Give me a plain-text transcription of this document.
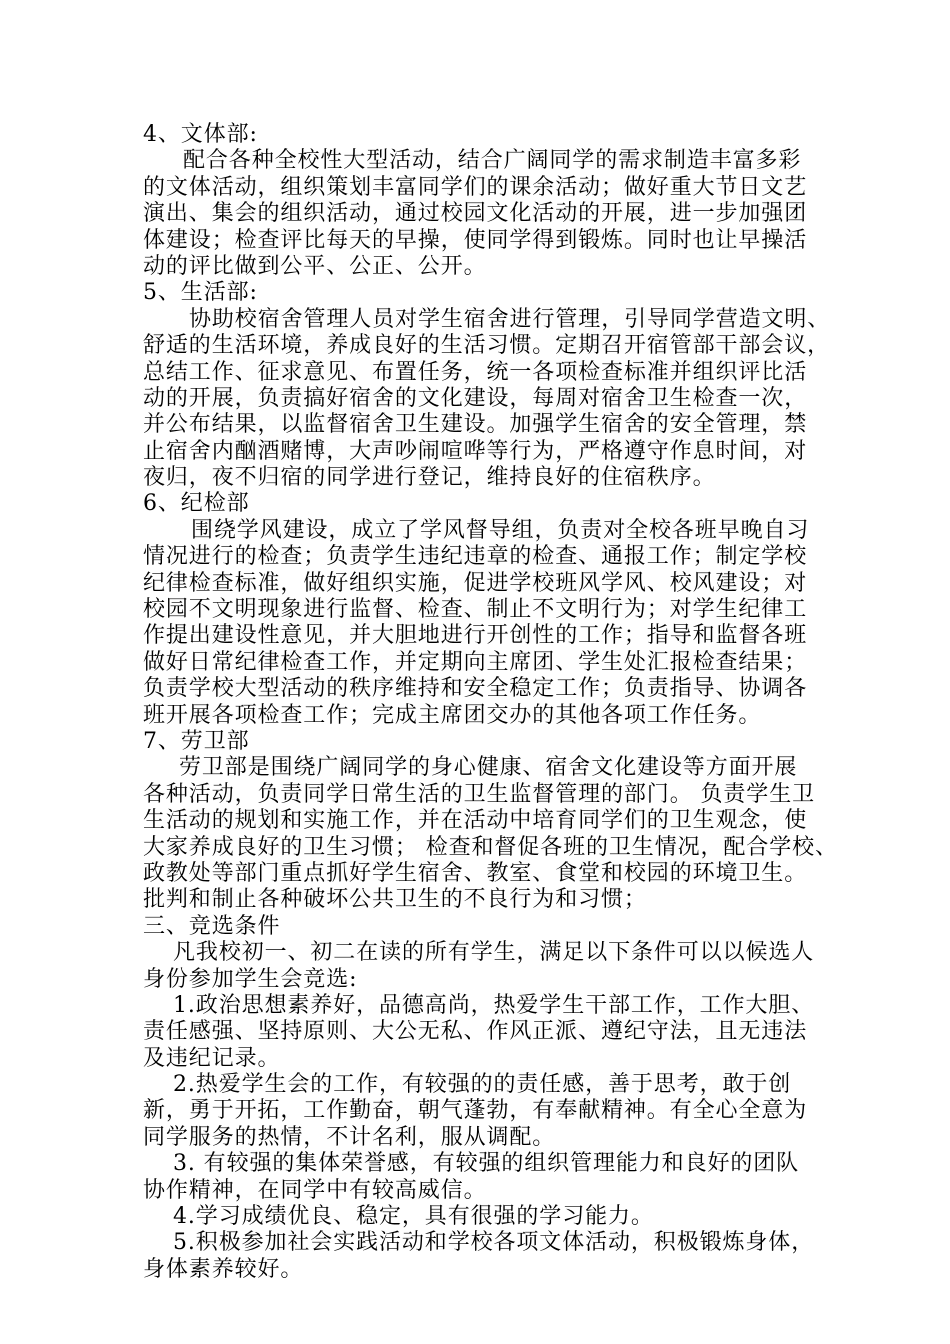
4、文体部:
配合各种全校性大型活动，结合广阔同学的需求制造丰富多彩
的文体活动，组织策划丰富同学们的课余活动；做好重大节日文艺
演出、集会的组织活动，通过校园文化活动的开展，进一步加强团
体建设；检查评比每天的早操，使同学得到锻炼。同时也让早操活
动的评比做到公平、公正、公开。
5、生活部:
协助校宿舍管理人员对学生宿舍进行管理，引导同学营造文明、
舒适的生活环境，养成良好的生活习惯。定期召开宿管部干部会议，
总结工作、征求意见、布置任务，统一各项检查标准并组织评比活
动的开展，负责搞好宿舍的文化建设，每周对宿舍卫生检查一次，
并公布结果，以监督宿舍卫生建设。加强学生宿舍的安全管理，禁
止宿舍内酗酒赌博，大声吵闹喧哗等行为，严格遵守作息时间，对
夜归，夜不归宿的同学进行登记，维持良好的住宿秩序。
6、纪检部
围绕学风建设，成立了学风督导组，负责对全校各班早晚自习
情况进行的检查；负责学生违纪违章的检查、通报工作；制定学校
纪律检查标准，做好组织实施，促进学校班风学风、校风建设；对
校园不文明现象进行监督、检查、制止不文明行为；对学生纪律工
作提出建设性意见，并大胆地进行开创性的工作；指导和监督各班
做好日常纪律检查工作，并定期向主席团、学生处汇报检查结果；
负责学校大型活动的秩序维持和安全稳定工作；负责指导、协调各
班开展各项检查工作；完成主席团交办的其他各项工作任务。
7、劳卫部
劳卫部是围绕广阔同学的身心健康、宿舍文化建设等方面开展
各种活动，负责同学日常生活的卫生监督管理的部门。 负责学生卫
生活动的规划和实施工作，并在活动中培育同学们的卫生观念，使
大家养成良好的卫生习惯； 检查和督促各班的卫生情况，配合学校、
政教处等部门重点抓好学生宿舍、教室、食堂和校园的环境卫生。
批判和制止各种破坏公共卫生的不良行为和习惯；
三、竞选条件
凡我校初一、初二在读的所有学生，满足以下条件可以以候选人
身份参加学生会竞选:
1.政治思想素养好，品德高尚，热爱学生干部工作，工作大胆、
责任感强、坚持原则、大公无私、作风正派、遵纪守法，且无违法
及违纪记录。
2.热爱学生会的工作，有较强的的责任感，善于思考，敢于创
新，勇于开拓，工作勤奋，朝气蓬勃，有奉献精神。有全心全意为
同学服务的热情，不计名利，服从调配。
3. 有较强的集体荣誉感，有较强的组织管理能力和良好的团队
协作精神，在同学中有较高威信。
4.学习成绩优良、稳定，具有很强的学习能力。
5.积极参加社会实践活动和学校各项文体活动，积极锻炼身体，
身体素养较好。
